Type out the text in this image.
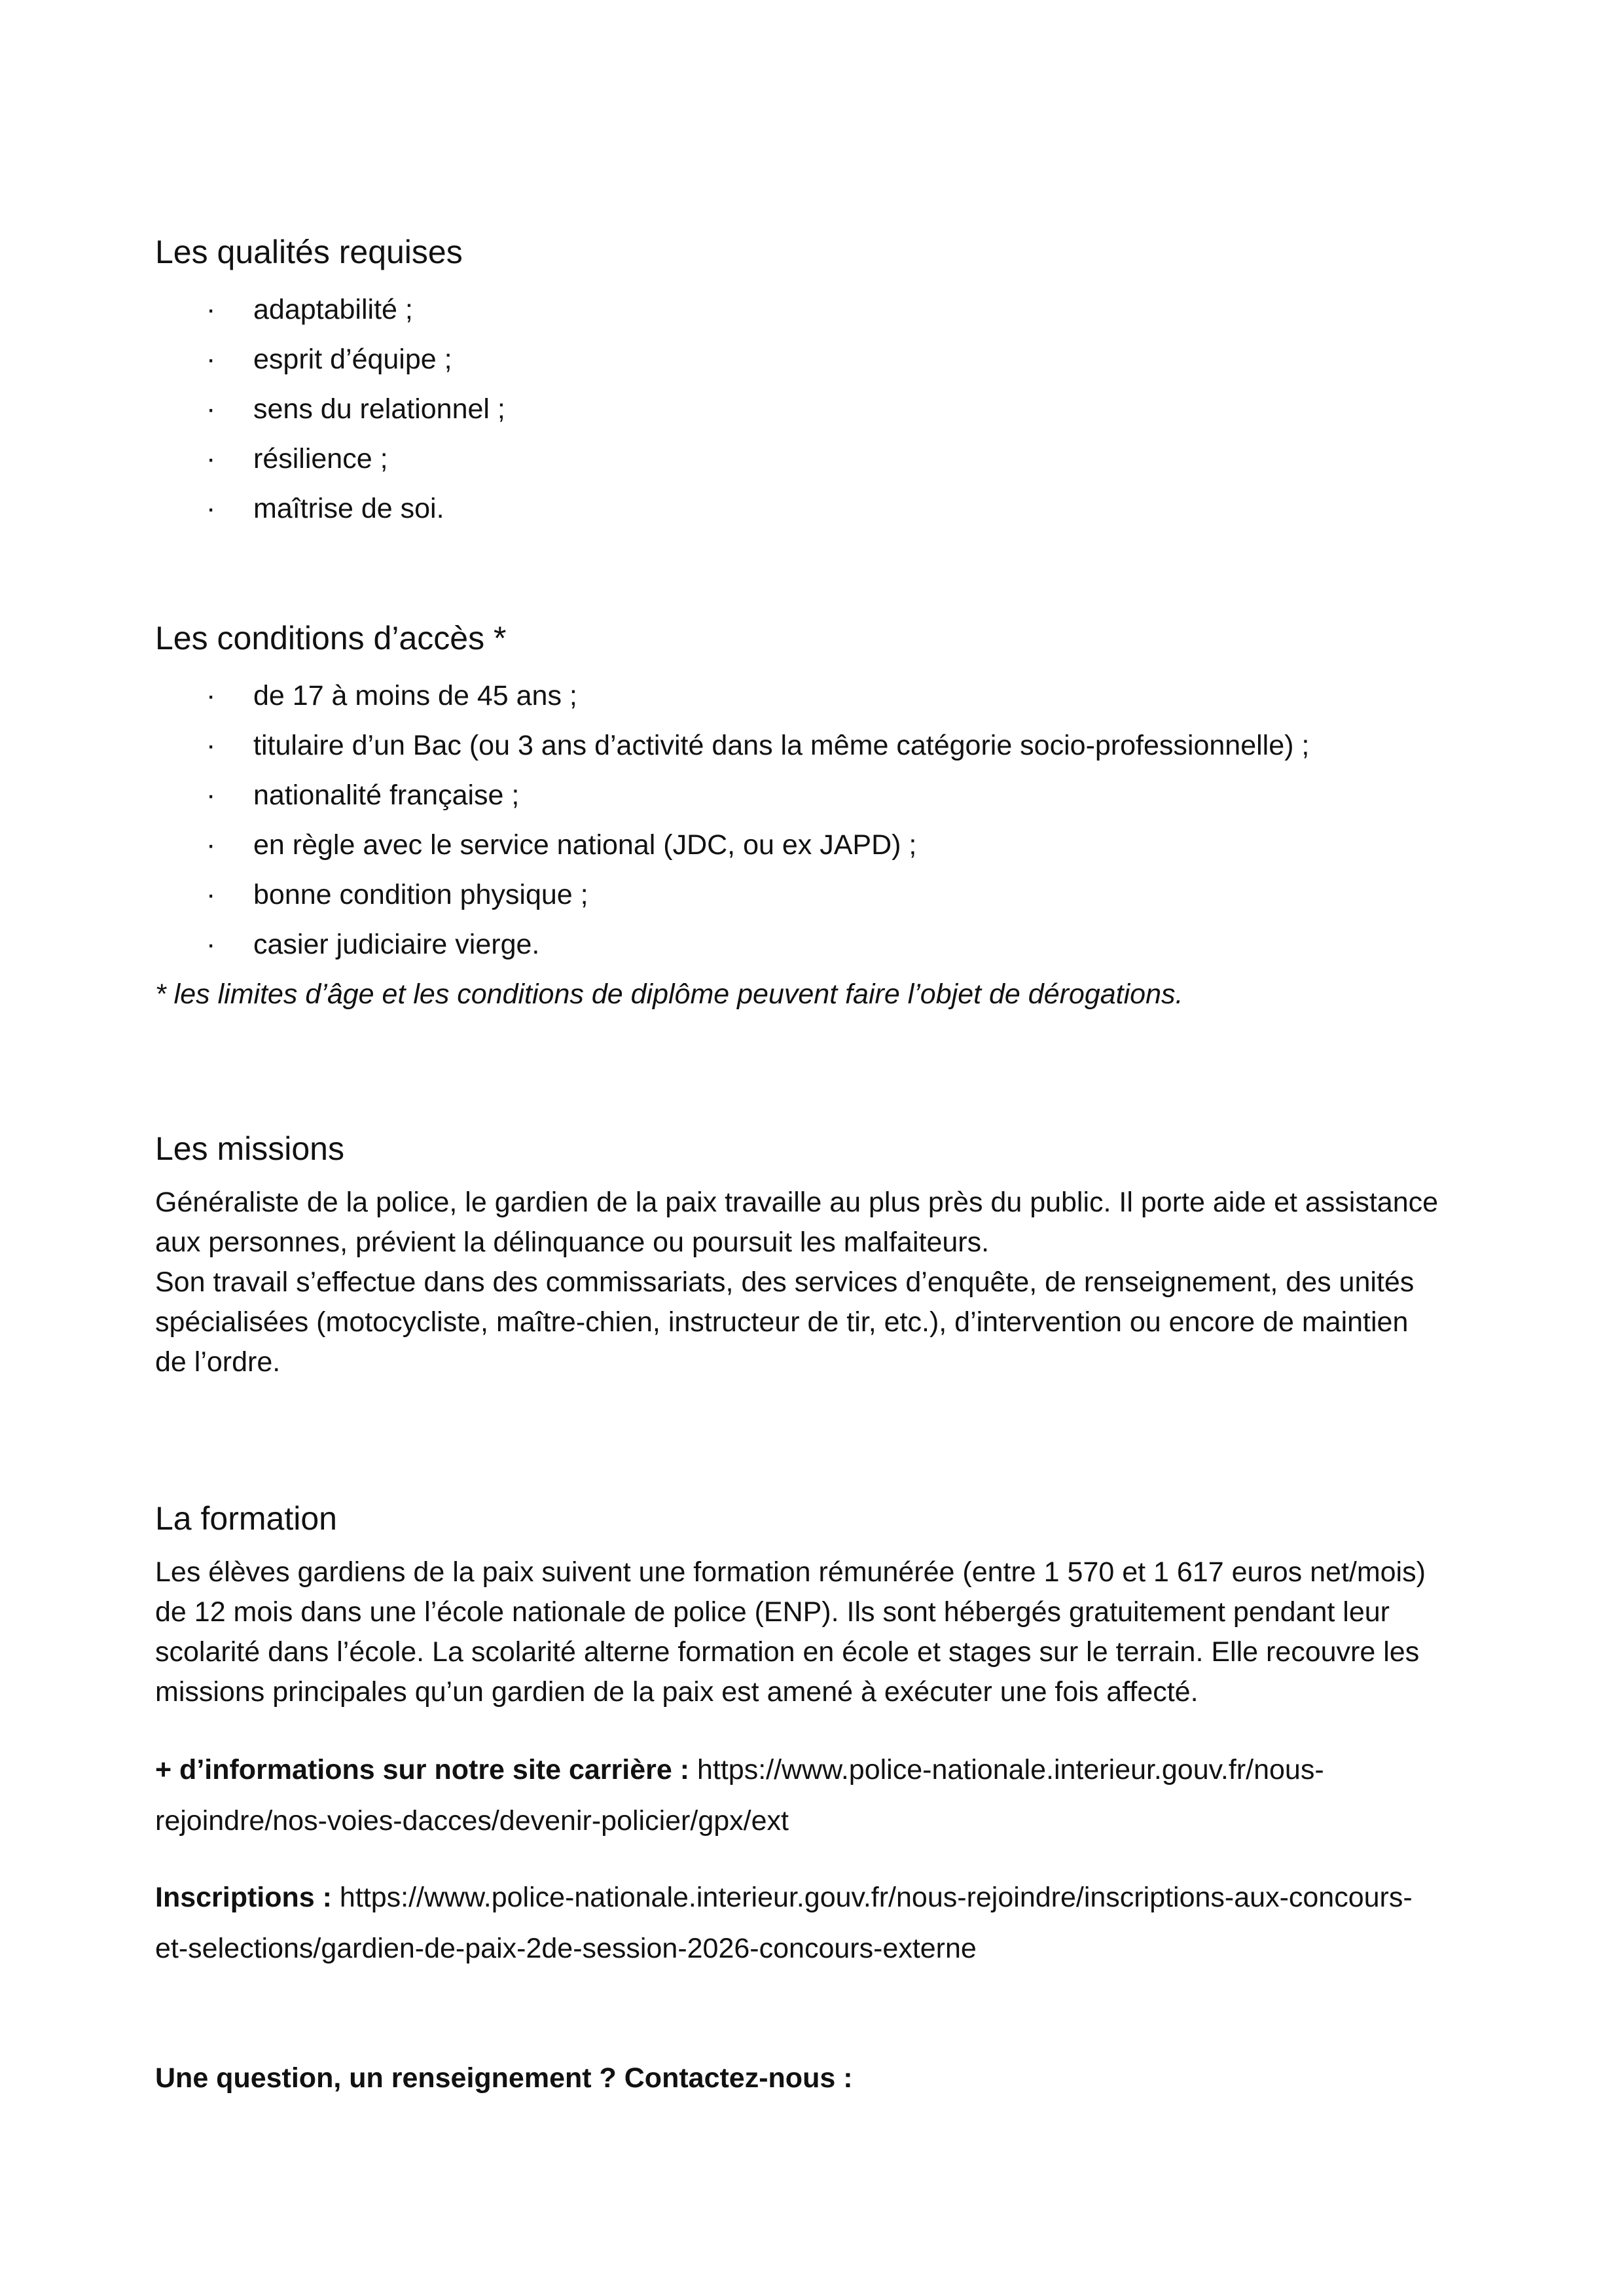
Les qualités requises
· adaptabilité ;
· esprit d’équipe ;
· sens du relationnel ;
· résilience ;
· maîtrise de soi.
Les conditions d’accès *
· de 17 à moins de 45 ans ;
· titulaire d’un Bac (ou 3 ans d’activité dans la même catégorie socio-professionnelle) ;
· nationalité française ;
· en règle avec le service national (JDC, ou ex JAPD) ;
· bonne condition physique ;
· casier judiciaire vierge.

* les limites d’âge et les conditions de diplôme peuvent faire l’objet de dérogations.

Les missions

Généraliste de la police, le gardien de la paix travaille au plus près du public. Il porte aide et assistance
aux personnes, prévient la délinquance ou poursuit les malfaiteurs.
Son travail s’effectue dans des commissariats, des services d’enquête, de renseignement, des unités
spécialisées (motocycliste, maître-chien, instructeur de tir, etc.), d’intervention ou encore de maintien
de l’ordre.

La formation

Les élèves gardiens de la paix suivent une formation rémunérée (entre 1 570 et 1 617 euros net/mois)
de 12 mois dans une l’école nationale de police (ENP). Ils sont hébergés gratuitement pendant leur
scolarité dans l’école. La scolarité alterne formation en école et stages sur le terrain. Elle recouvre les
missions principales qu’un gardien de la paix est amené à exécuter une fois affecté.

+ d’informations sur notre site carrière : https://www.police-nationale.interieur.gouv.fr/nous-
rejoindre/nos-voies-dacces/devenir-policier/gpx/ext

Inscriptions : https://www.police-nationale.interieur.gouv.fr/nous-rejoindre/inscriptions-aux-concours-
et-selections/gardien-de-paix-2de-session-2026-concours-externe

Une question, un renseignement ? Contactez-nous :
